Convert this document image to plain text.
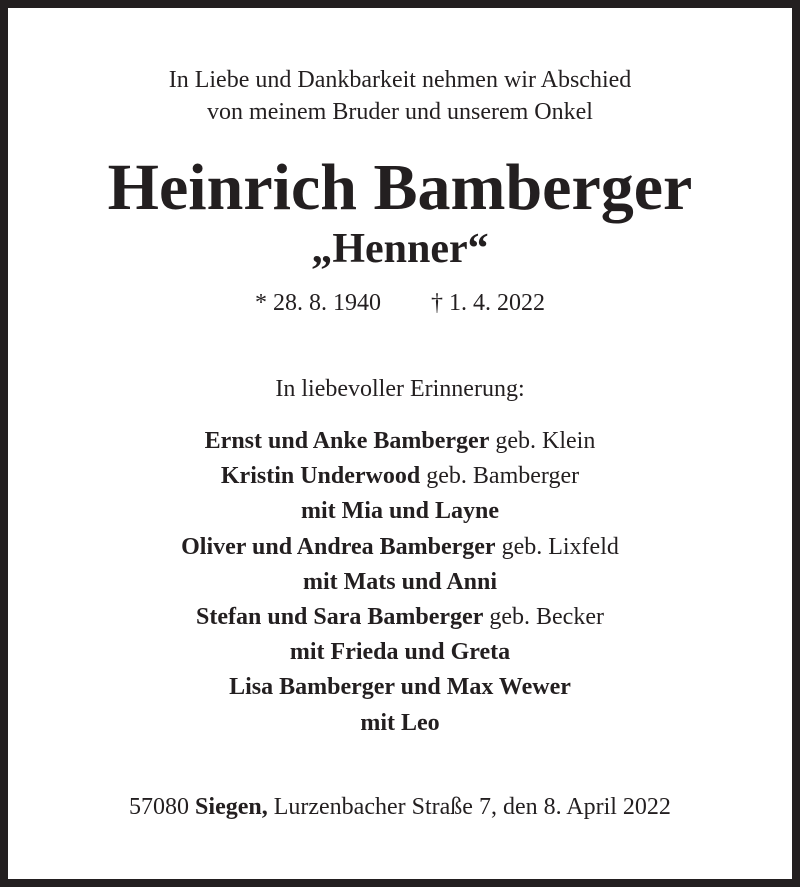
In Liebe und Dankbarkeit nehmen wir Abschied
von meinem Bruder und unserem Onkel
Heinrich Bamberger
„Henner“
* 28. 8. 1940 † 1. 4. 2022
In liebevoller Erinnerung:
Ernst und Anke Bamberger geb. Klein
Kristin Underwood geb. Bamberger
mit Mia und Layne
Oliver und Andrea Bamberger geb. Lixfeld
mit Mats und Anni
Stefan und Sara Bamberger geb. Becker
mit Frieda und Greta
Lisa Bamberger und Max Wewer
mit Leo
57080 Siegen, Lurzenbacher Straße 7, den 8. April 2022
